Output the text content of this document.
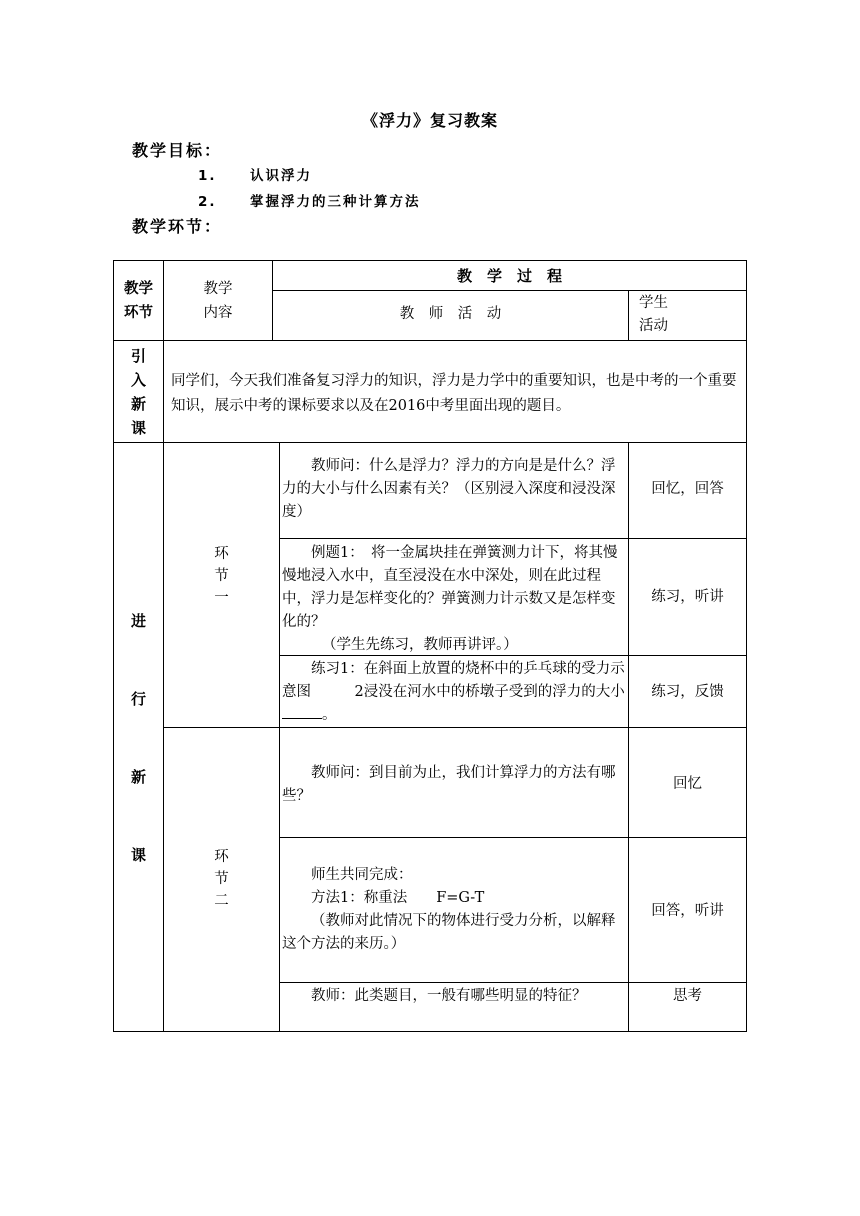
《浮力》复习教案
教学目标：
1. 认识浮力
2. 掌握浮力的三种计算方法
教学环节：
教学
环节
教学
内容
教　学　过　程
教　师　活　动
学生
活动
引
入
新
课
同学们，今天我们准备复习浮力的知识，浮力是力学中的重要知识，也是中考的一个重要知识，展示中考的课标要求以及在2016中考里面出现的题目。
进
行
新
课
环
节
一

教师问：什么是浮力？浮力的方向是是什么？浮力的大小与什么因素有关？（区别浸入深度和浸没深度）

回忆，回答

例题1：　将一金属块挂在弹簧测力计下，将其慢慢地浸入水中，直至浸没在水中深处，则在此过程中，浮力是怎样变化的？弹簧测力计示数又是怎样变化的？

（学生先练习，教师再讲评。）

练习，听讲

练习1：在斜面上放置的烧杯中的乒乓球的受力示意图　　　2浸没在河水中的桥墩子受到的浮力的大小。

练习，反馈
环
节
二

教师问：到目前为止，我们计算浮力的方法有哪些？

回忆

师生共同完成：

方法1：称重法　　F=G-T

（教师对此情况下的物体进行受力分析，以解释这个方法的来历。）

回答，听讲

教师：此类题目，一般有哪些明显的特征？	思考
